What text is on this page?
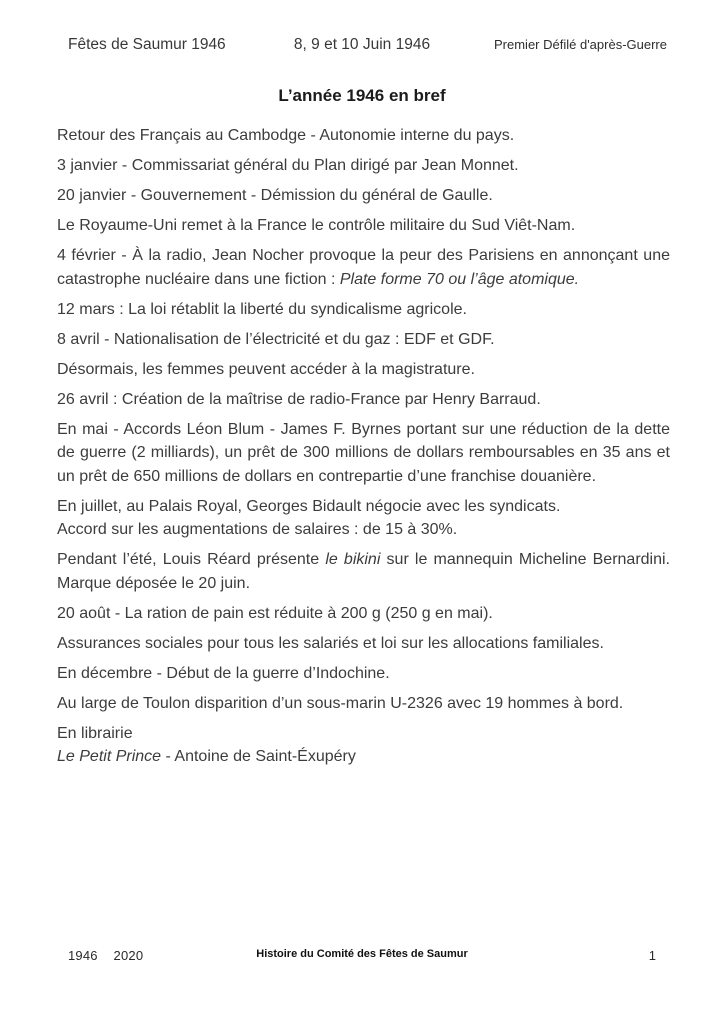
Fêtes de Saumur 1946	8, 9 et 10 Juin 1946	Premier Défilé d'après-Guerre
L’année 1946 en bref

Retour des Français au Cambodge - Autonomie interne du pays.

3 janvier - Commissariat général du Plan dirigé par Jean Monnet.

20 janvier - Gouvernement - Démission du général de Gaulle.

Le Royaume-Uni remet à la France le contrôle militaire du Sud Viêt-Nam.

4 février - À la radio, Jean Nocher provoque la peur des Parisiens en annonçant une catastrophe nucléaire dans une fiction : Plate forme 70 ou l’âge atomique.

12 mars : La loi rétablit la liberté du syndicalisme agricole.

8 avril - Nationalisation de l’électricité et du gaz : EDF et GDF.

Désormais, les femmes peuvent accéder à la magistrature.

26 avril : Création de la maîtrise de radio-France par Henry Barraud.

En mai - Accords Léon Blum - James F. Byrnes portant sur une réduction de la dette de guerre (2 milliards), un prêt de 300 millions de dollars remboursables en 35 ans et un prêt de 650 millions de dollars en contrepartie d’une franchise douanière.

En juillet, au Palais Royal, Georges Bidault négocie avec les syndicats.
Accord sur les augmentations de salaires : de 15 à 30%.

Pendant l’été, Louis Réard présente le bikini sur le mannequin Micheline Bernardini. Marque déposée le 20 juin.

20 août - La ration de pain est réduite à 200 g (250 g en mai).

Assurances sociales pour tous les salariés et loi sur les allocations familiales.

En décembre - Début de la guerre d’Indochine.

Au large de Toulon disparition d’un sous-marin U-2326 avec 19 hommes à bord.

En librairie
Le Petit Prince - Antoine de Saint-Éxupéry

1946 2020	Histoire du Comité des Fêtes de Saumur	1
